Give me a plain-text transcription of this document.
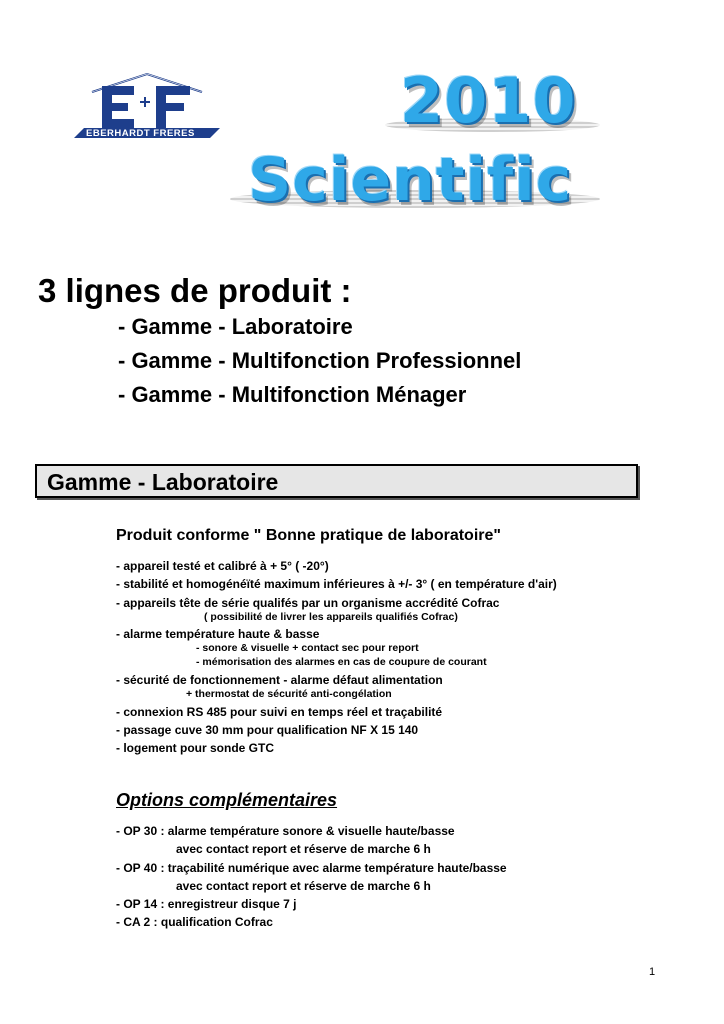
EBERHARDT FRERES	2010
Scientific
3 lignes de produit :
- Gamme - Laboratoire
- Gamme - Multifonction Professionnel
- Gamme - Multifonction Ménager
Gamme - Laboratoire
Produit conforme " Bonne pratique de laboratoire"
- appareil testé et calibré à + 5° ( -20°)
- stabilité et homogénéïté maximum inférieures à +/- 3° ( en température d'air)
- appareils tête de série qualifés par un organisme accrédité Cofrac
( possibilité de livrer les appareils qualifiés Cofrac)
- alarme température haute & basse
- sonore & visuelle + contact sec pour report
- mémorisation des alarmes en cas de coupure de courant
- sécurité de fonctionnement - alarme défaut alimentation
+ thermostat de sécurité anti-congélation
- connexion RS 485 pour suivi en temps réel et traçabilité
- passage cuve 30 mm pour qualification NF X 15 140
- logement pour sonde GTC
Options complémentaires
- OP 30 : alarme température sonore & visuelle haute/basse
avec contact report et réserve de marche 6 h
- OP 40 : traçabilité numérique avec alarme température haute/basse
avec contact report et réserve de marche 6 h
- OP 14 : enregistreur disque 7 j
- CA 2 : qualification Cofrac
1
